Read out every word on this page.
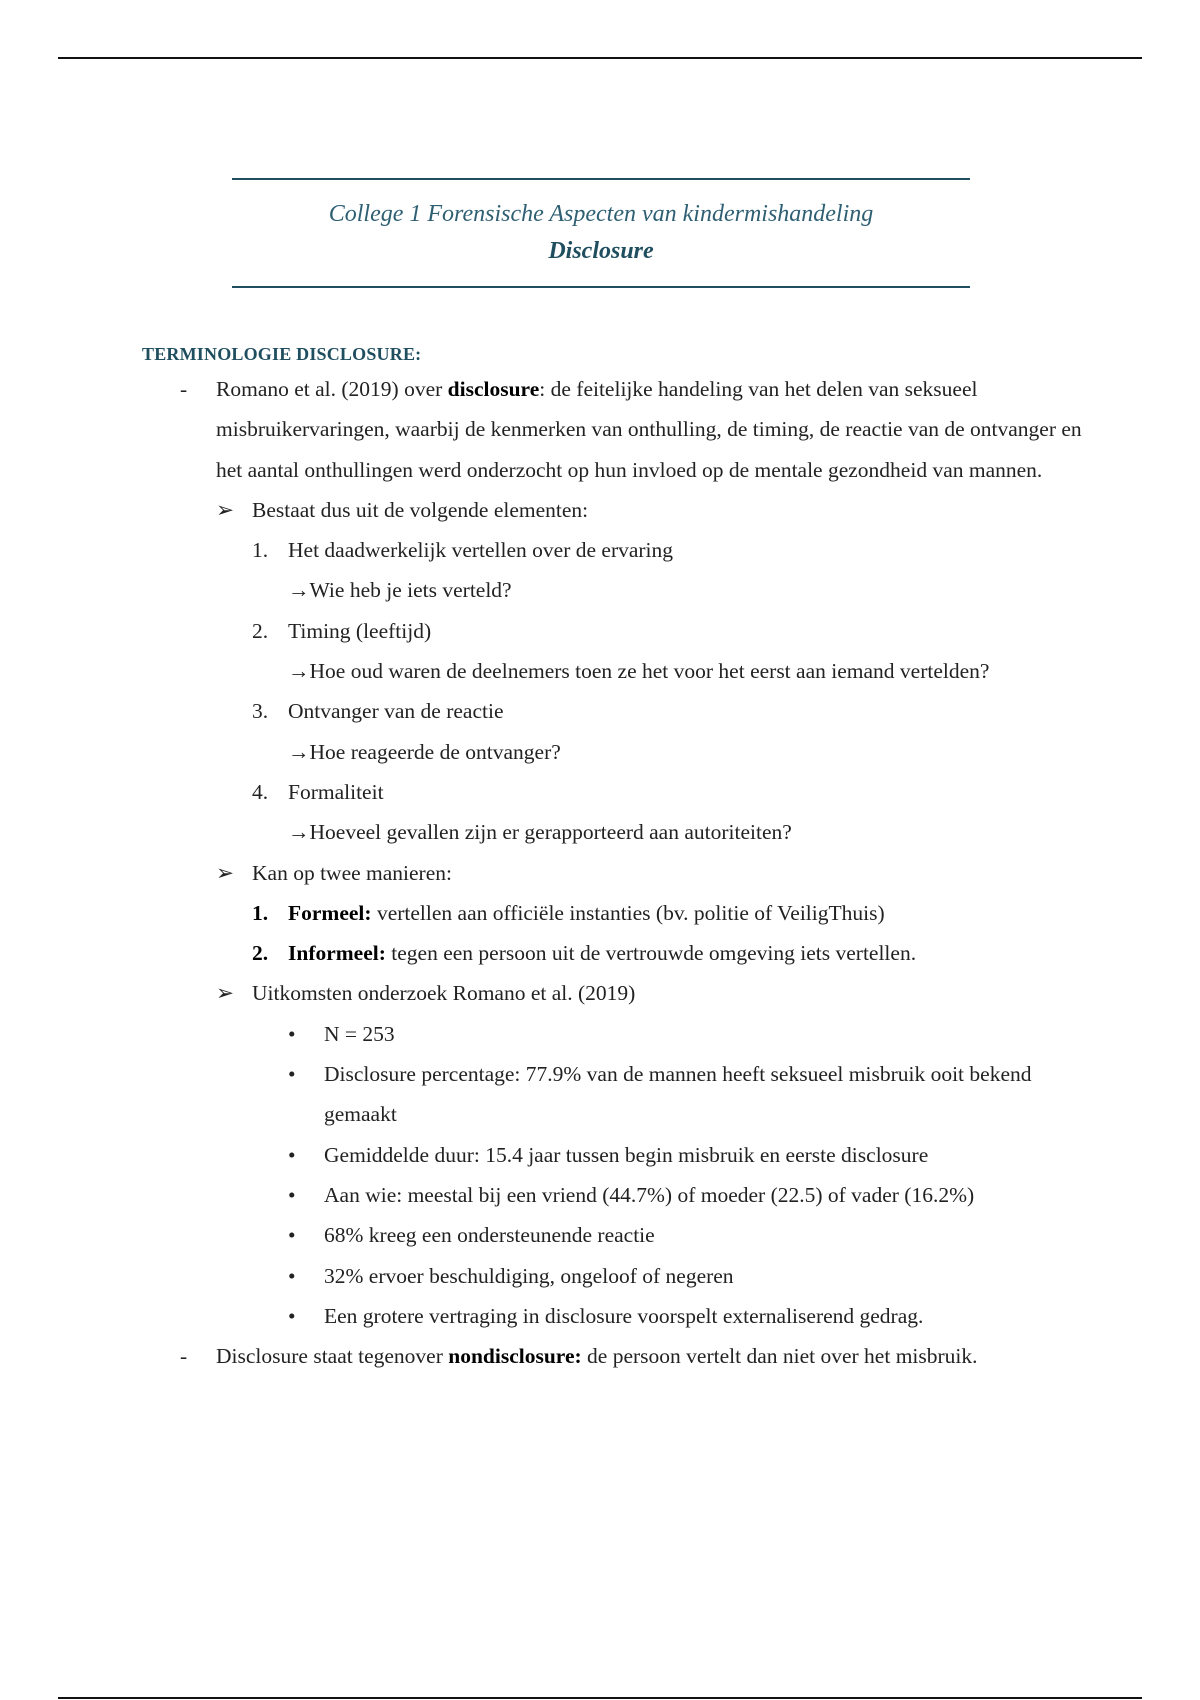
College 1 Forensische Aspecten van kindermishandeling
Disclosure
TERMINOLOGIE DISCLOSURE:
- Romano et al. (2019) over disclosure: de feitelijke handeling van het delen van seksueel misbruikervaringen, waarbij de kenmerken van onthulling, de timing, de reactie van de ontvanger en het aantal onthullingen werd onderzocht op hun invloed op de mentale gezondheid van mannen.
➢ Bestaat dus uit de volgende elementen:
1. Het daadwerkelijk vertellen over de ervaring
→Wie heb je iets verteld?
2. Timing (leeftijd)
→Hoe oud waren de deelnemers toen ze het voor het eerst aan iemand vertelden?
3. Ontvanger van de reactie
→Hoe reageerde de ontvanger?
4. Formaliteit
→Hoeveel gevallen zijn er gerapporteerd aan autoriteiten?
➢ Kan op twee manieren:
1. Formeel: vertellen aan officiële instanties (bv. politie of VeiligThuis)
2. Informeel: tegen een persoon uit de vertrouwde omgeving iets vertellen.
➢ Uitkomsten onderzoek Romano et al. (2019)
• N = 253
• Disclosure percentage: 77.9% van de mannen heeft seksueel misbruik ooit bekend gemaakt
• Gemiddelde duur: 15.4 jaar tussen begin misbruik en eerste disclosure
• Aan wie: meestal bij een vriend (44.7%) of moeder (22.5) of vader (16.2%)
• 68% kreeg een ondersteunende reactie
• 32% ervoer beschuldiging, ongeloof of negeren
• Een grotere vertraging in disclosure voorspelt externaliserend gedrag.
- Disclosure staat tegenover nondisclosure: de persoon vertelt dan niet over het misbruik.
